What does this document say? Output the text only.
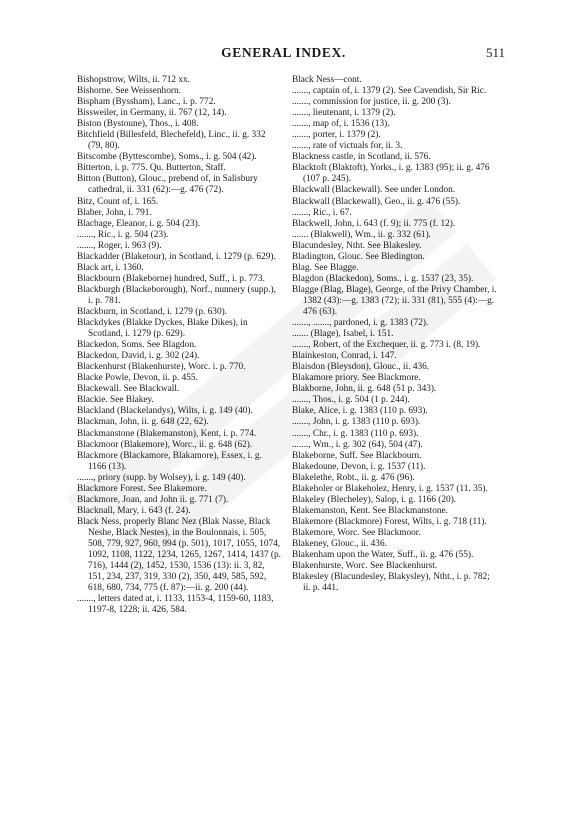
GENERAL INDEX.	511

Bishopstrow, Wilts, ii. 712 xx.

Bishorne. See Weissenhorn.

Bispham (Byssham), Lanc., i. p. 772.

Bissweiler, in Germany, ii. 767 (12, 14).

Biston (Bystoune), Thos., i. 408.

Bitchfield (Billesfeld, Blechefeld), Linc., ii. g. 332 (79, 80).

Bitscombe (Byttescombe), Soms., i. g. 504 (42).

Bitterton, i. p. 775. Qu. Butterton, Staff.

Bitton (Button), Glouc., prebend of, in Salisbury cathedral, ii. 331 (62):—g. 476 (72).

Bitz, Count of, i. 165.

Blaber, John, i. 791.

Blacbage, Eleanor, i. g. 504 (23).

......., Ric., i. g. 504 (23).

......., Roger, i. 963 (9).

Blackadder (Blaketour), in Scotland, i. 1279 (p. 629).

Black art, i. 1360.

Blackbourn (Blakeborne) hundred, Suff., i. p. 773.

Blackburgh (Blackeborough), Norf., nunnery (supp.), i. p. 781.

Blackburn, in Scotland, i. 1279 (p. 630).

Blackdykes (Blakke Dyckes, Blake Dikes), in Scotland, i. 1279 (p. 629).

Blackedon, Soms. See Blagdon.

Blackedon, David, i. g. 302 (24).

Blackenhurst (Blakenhurste), Worc. i. p. 770.

Blacke Powle, Devon, ii. p. 455.

Blackewall. See Blackwall.

Blackie. See Blakey.

Blackland (Blackelandys), Wilts, i. g. 149 (40).

Blackman, John, ii. g. 648 (22, 62).

Blackmanstone (Blakemanston), Kent, i. p. 774.

Blackmoor (Blakemore), Worc., ii. g. 648 (62).

Blackmore (Blackamore, Blakamore), Essex, i. g. 1166 (13).

......., priory (supp. by Wolsey), i. g. 149 (40).

Blackmore Forest. See Blakemore.

Blackmore, Joan, and John ii. g. 771 (7).

Blacknall, Mary, i. 643 (f. 24).

Black Ness, properly Blanc Nez (Blak Nasse, Black Neshe, Black Nestes), in the Boulonnais, i. 505, 508, 779, 927, 960, 994 (p. 501), 1017, 1055, 1074, 1092, 1108, 1122, 1234, 1265, 1267, 1414, 1437 (p. 716), 1444 (2), 1452, 1530, 1536 (13): ii. 3, 82, 151, 234, 237, 319, 330 (2), 350, 449, 585, 592, 618, 680, 734, 775 (f. 87):—ii. g. 200 (44).

......., letters dated at, i. 1133, 1153-4, 1159-60, 1183, 1197-8, 1228; ii. 426, 584.

Black Ness—cont.

......., captain of, i. 1379 (2). See Cavendish, Sir Ric.

......., commission for justice, ii. g. 200 (3).

......., lieutenant, i. 1379 (2).

......., map of, i. 1536 (13).

......., porter, i. 1379 (2).

......., rate of victuals for, ii. 3.

Blackness castle, in Scotland, ii. 576.

Blacktoft (Blaktoft), Yorks., i. g. 1383 (95); ii. g. 476 (107 p. 245).

Blackwall (Blackewall). See under London.

Blackwall (Blackewall), Geo., ii. g. 476 (55).

......., Ric., i. 67.

Blackwell, John, i. 643 (f. 9); ii. 775 (f. 12).

....... (Blakwell), Wm., ii. g. 332 (61).

Blacundesley, Ntht. See Blakesley.

Bladington, Glouc. See Bledington.

Blag. See Blagge.

Blagdon (Blackedon), Soms., i. g. 1537 (23, 35).

Blagge (Blag, Blage), George, of the Privy Chamber, i. 1382 (43):—g. 1383 (72); ii. 331 (81), 555 (4):—g. 476 (63).

......., ......., pardoned, i. g. 1383 (72).

....... (Blage), Isabel, i. 151.

......., Robert, of the Exchequer, ii. g. 773 i. (8, 19).

Blainkeston, Conrad, i. 147.

Blaisdon (Bleysdon), Glouc., ii. 436.

Blakamore priory. See Blackmore.

Blakborne, John, ii. g. 648 (51 p. 343).

......., Thos., i. g. 504 (1 p. 244).

Blake, Alice, i. g. 1383 (110 p. 693).

......., John, i. g. 1383 (110 p. 693).

......., Chr., i. g. 1383 (110 p. 693).

......., Wm., i. g. 302 (64), 504 (47).

Blakeborne, Suff. See Blackbourn.

Blakedoune, Devon, i. g. 1537 (11).

Blakelethe, Robt., ii. g. 476 (96).

Blakeholer or Blakeholez, Henry, i. g. 1537 (11. 35).

Blakeley (Blecheley), Salop, i. g. 1166 (20).

Blakemanston, Kent. See Blackmanstone.

Blakemore (Blackmore) Forest, Wilts, i. g. 718 (11).

Blakemore, Worc. See Blackmoor.

Blakeney, Glouc., ii. 436.

Blakenham upon the Water, Suff., ii. g. 476 (55).

Blakenhurste, Worc. See Blackenhurst.

Blakesley (Blacundesley, Blakysley), Ntht., i. p. 782; ii. p. 441.
